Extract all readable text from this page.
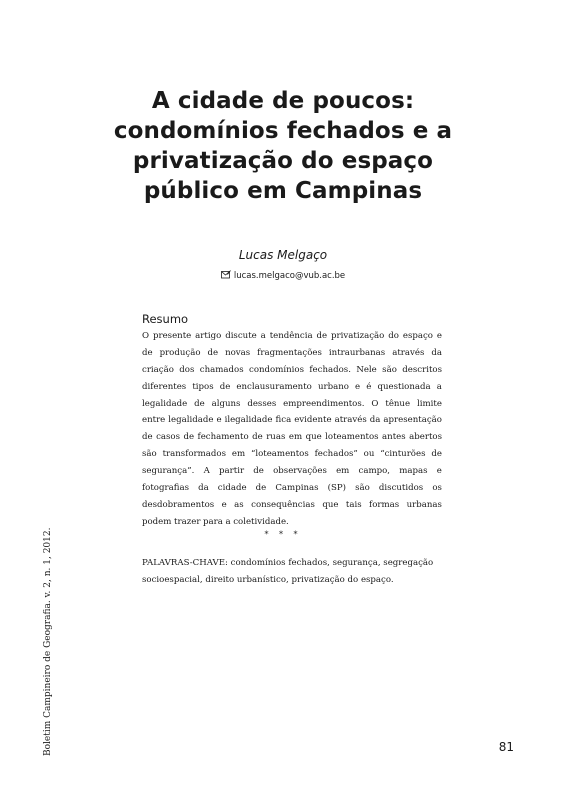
A cidade de poucos:
condomínios fechados e a
privatização do espaço
público em Campinas

Lucas Melgaço

lucas.melgaco@vub.ac.be
Resumo
O presente artigo discute a tendência de privatização do espaço e
de produção de novas fragmentações intraurbanas através da
criação dos chamados condomínios fechados. Nele são descritos
diferentes tipos de enclausuramento urbano e é questionada a
legalidade de alguns desses empreendimentos. O tênue limite
entre legalidade e ilegalidade fica evidente através da apresentação
de casos de fechamento de ruas em que loteamentos antes abertos
são transformados em “loteamentos fechados” ou “cinturões de
segurança”. A partir de observações em campo, mapas e
fotografias da cidade de Campinas (SP) são discutidos os
desdobramentos e as consequências que tais formas urbanas
podem trazer para a coletividade.
* * *
PALAVRAS-CHAVE: condomínios fechados, segurança, segregação
socioespacial, direito urbanístico, privatização do espaço.
Boletim Campineiro de Geografia. v. 2, n. 1, 2012.	81
